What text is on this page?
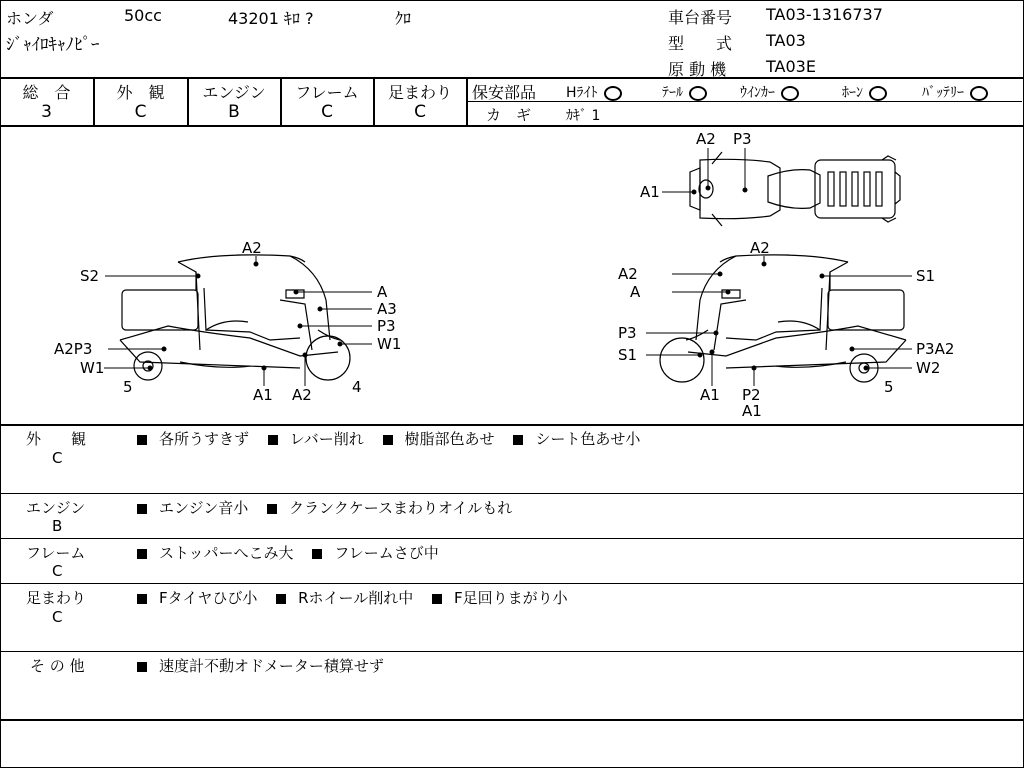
ホンダ	50cc	43201 ｷﾛ ?	ｸﾛ
ｼﾞｬｲﾛｷｬﾉﾋﾟｰ
車台番号 TA03-1316737
型　　式 TA03
原 動 機 TA03E
総　合
3
外　観
C
エンジン
B
フレーム
C
足まわり
C
保安部品 Hﾗｲﾄ	ﾃｰﾙ	ｳｲﾝｶｰ	ﾎｰﾝ	ﾊﾞｯﾃﾘｰ
カ　ギ ｶｷﾞ 1
A2 P3
A1
A2
S2
A
A3
P3
W1
A2P3
W1
5	A1 A2	4
A2
A2	S1
A
P3
S1	P3A2
W2
A1 P2
A1
5
外　　観
C
各所うすきず	レバー削れ	樹脂部色あせ	シート色あせ小
エンジン
B
エンジン音小	クランクケースまわりオイルもれ
フレーム
C
ストッパーへこみ大	フレームさび中
足まわり
C
Fタイヤひび小	Rホイール削れ中	F足回りまがり小
そ の 他	速度計不動オドメーター積算せず
